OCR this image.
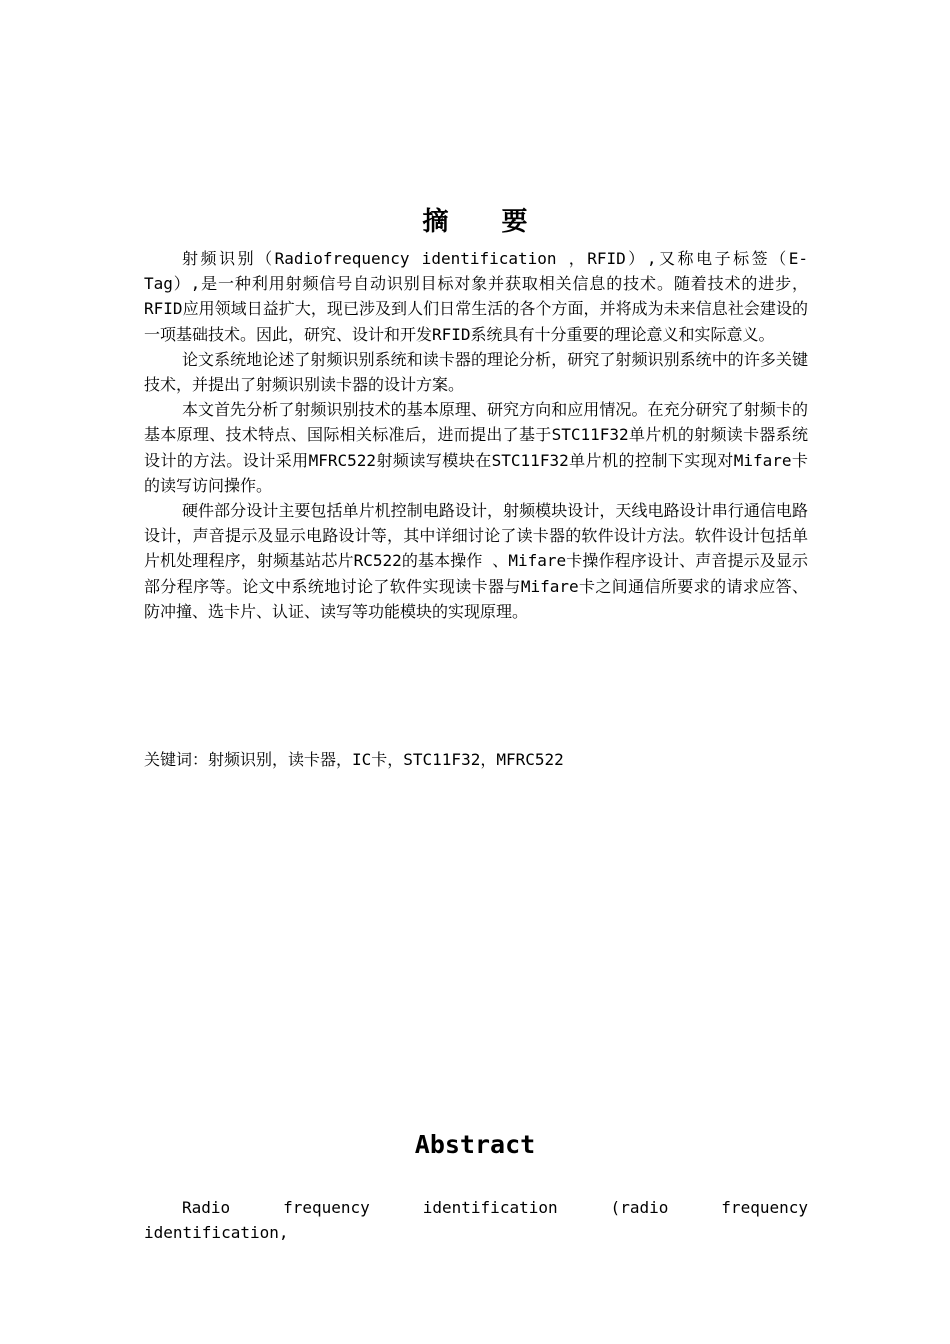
摘 要

射频识别（Radiofrequency identification ，RFID）,又称电子标签（E-Tag）,是一种利用射频信号自动识别目标对象并获取相关信息的技术。随着技术的进步，RFID应用领域日益扩大，现已涉及到人们日常生活的各个方面，并将成为未来信息社会建设的一项基础技术。因此，研究、设计和开发RFID系统具有十分重要的理论意义和实际意义。

论文系统地论述了射频识别系统和读卡器的理论分析，研究了射频识别系统中的许多关键技术，并提出了射频识别读卡器的设计方案。

本文首先分析了射频识别技术的基本原理、研究方向和应用情况。在充分研究了射频卡的基本原理、技术特点、国际相关标准后，进而提出了基于STC11F32单片机的射频读卡器系统设计的方法。设计采用MFRC522射频读写模块在STC11F32单片机的控制下实现对Mifare卡的读写访问操作。

硬件部分设计主要包括单片机控制电路设计，射频模块设计，天线电路设计串行通信电路设计，声音提示及显示电路设计等，其中详细讨论了读卡器的软件设计方法。软件设计包括单片机处理程序，射频基站芯片RC522的基本操作 、Mifare卡操作程序设计、声音提示及显示部分程序等。论文中系统地讨论了软件实现读卡器与Mifare卡之间通信所要求的请求应答、防冲撞、选卡片、认证、读写等功能模块的实现原理。

关键词：射频识别，读卡器，IC卡，STC11F32，MFRC522
Abstract

Radio frequency identification (radio frequency identification,
